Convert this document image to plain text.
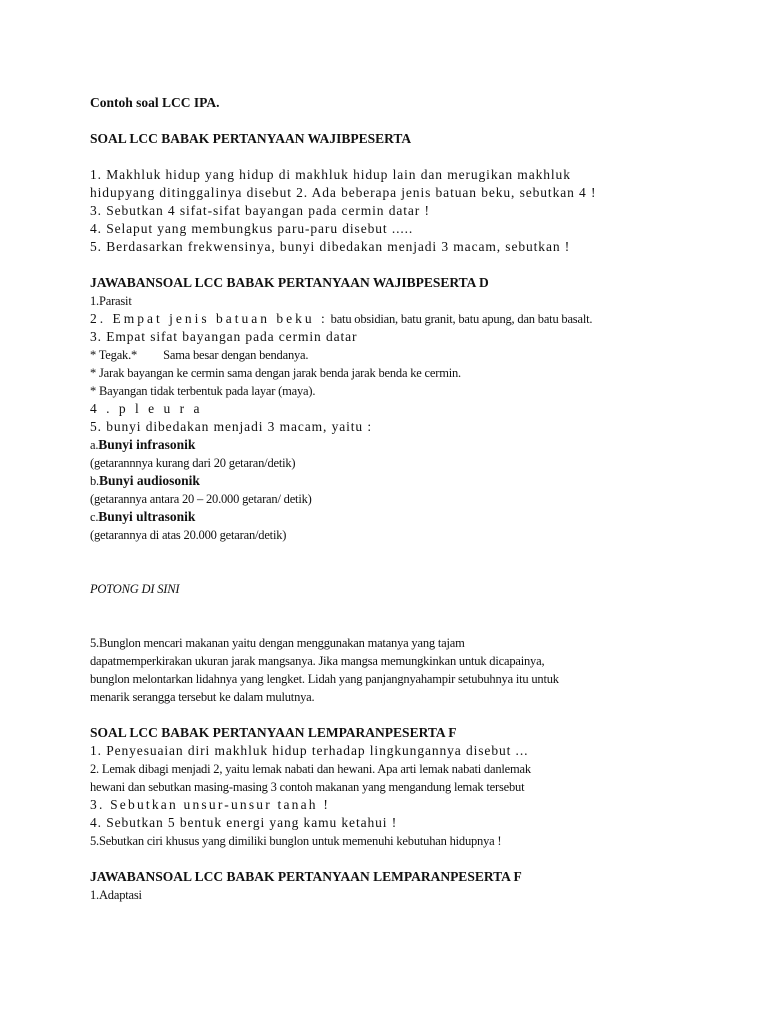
Contoh soal LCC IPA.
SOAL LCC BABAK PERTANYAAN WAJIBPESERTA
1. Makhluk hidup yang hidup di makhluk hidup lain dan merugikan makhluk
hidupyang ditinggalinya disebut 2. Ada beberapa jenis batuan beku, sebutkan 4 !
3. Sebutkan 4 sifat-sifat bayangan pada cermin datar !
4. Selaput yang membungkus paru-paru disebut .....
5. Berdasarkan frekwensinya, bunyi dibedakan menjadi 3 macam, sebutkan !
JAWABANSOAL LCC BABAK PERTANYAAN WAJIBPESERTA D
1.Parasit
2. Empat jenis batuan beku : batu obsidian, batu granit, batu apung, dan batu basalt.
3. Empat sifat bayangan pada cermin datar
* Tegak.* Sama besar dengan bendanya.
* Jarak bayangan ke cermin sama dengan jarak benda jarak benda ke cermin.
* Bayangan tidak terbentuk pada layar (maya).
4 . p l e u r a
5. bunyi dibedakan menjadi 3 macam, yaitu :
a.Bunyi infrasonik
(getarannnya kurang dari 20 getaran/detik)
b.Bunyi audiosonik
(getarannya antara 20 – 20.000 getaran/ detik)
c.Bunyi ultrasonik
(getarannya di atas 20.000 getaran/detik)
POTONG DI SINI
5.Bunglon mencari makanan yaitu dengan menggunakan matanya yang tajam
dapatmemperkirakan ukuran jarak mangsanya. Jika mangsa memungkinkan untuk dicapainya,
bunglon melontarkan lidahnya yang lengket. Lidah yang panjangnyahampir setubuhnya itu untuk
menarik serangga tersebut ke dalam mulutnya.
SOAL LCC BABAK PERTANYAAN LEMPARANPESERTA F
1. Penyesuaian diri makhluk hidup terhadap lingkungannya disebut ...
2. Lemak dibagi menjadi 2, yaitu lemak nabati dan hewani. Apa arti lemak nabati danlemak
hewani dan sebutkan masing-masing 3 contoh makanan yang mengandung lemak tersebut
3. Sebutkan unsur-unsur tanah !
4. Sebutkan 5 bentuk energi yang kamu ketahui !
5.Sebutkan ciri khusus yang dimiliki bunglon untuk memenuhi kebutuhan hidupnya !
JAWABANSOAL LCC BABAK PERTANYAAN LEMPARANPESERTA F
1.Adaptasi
